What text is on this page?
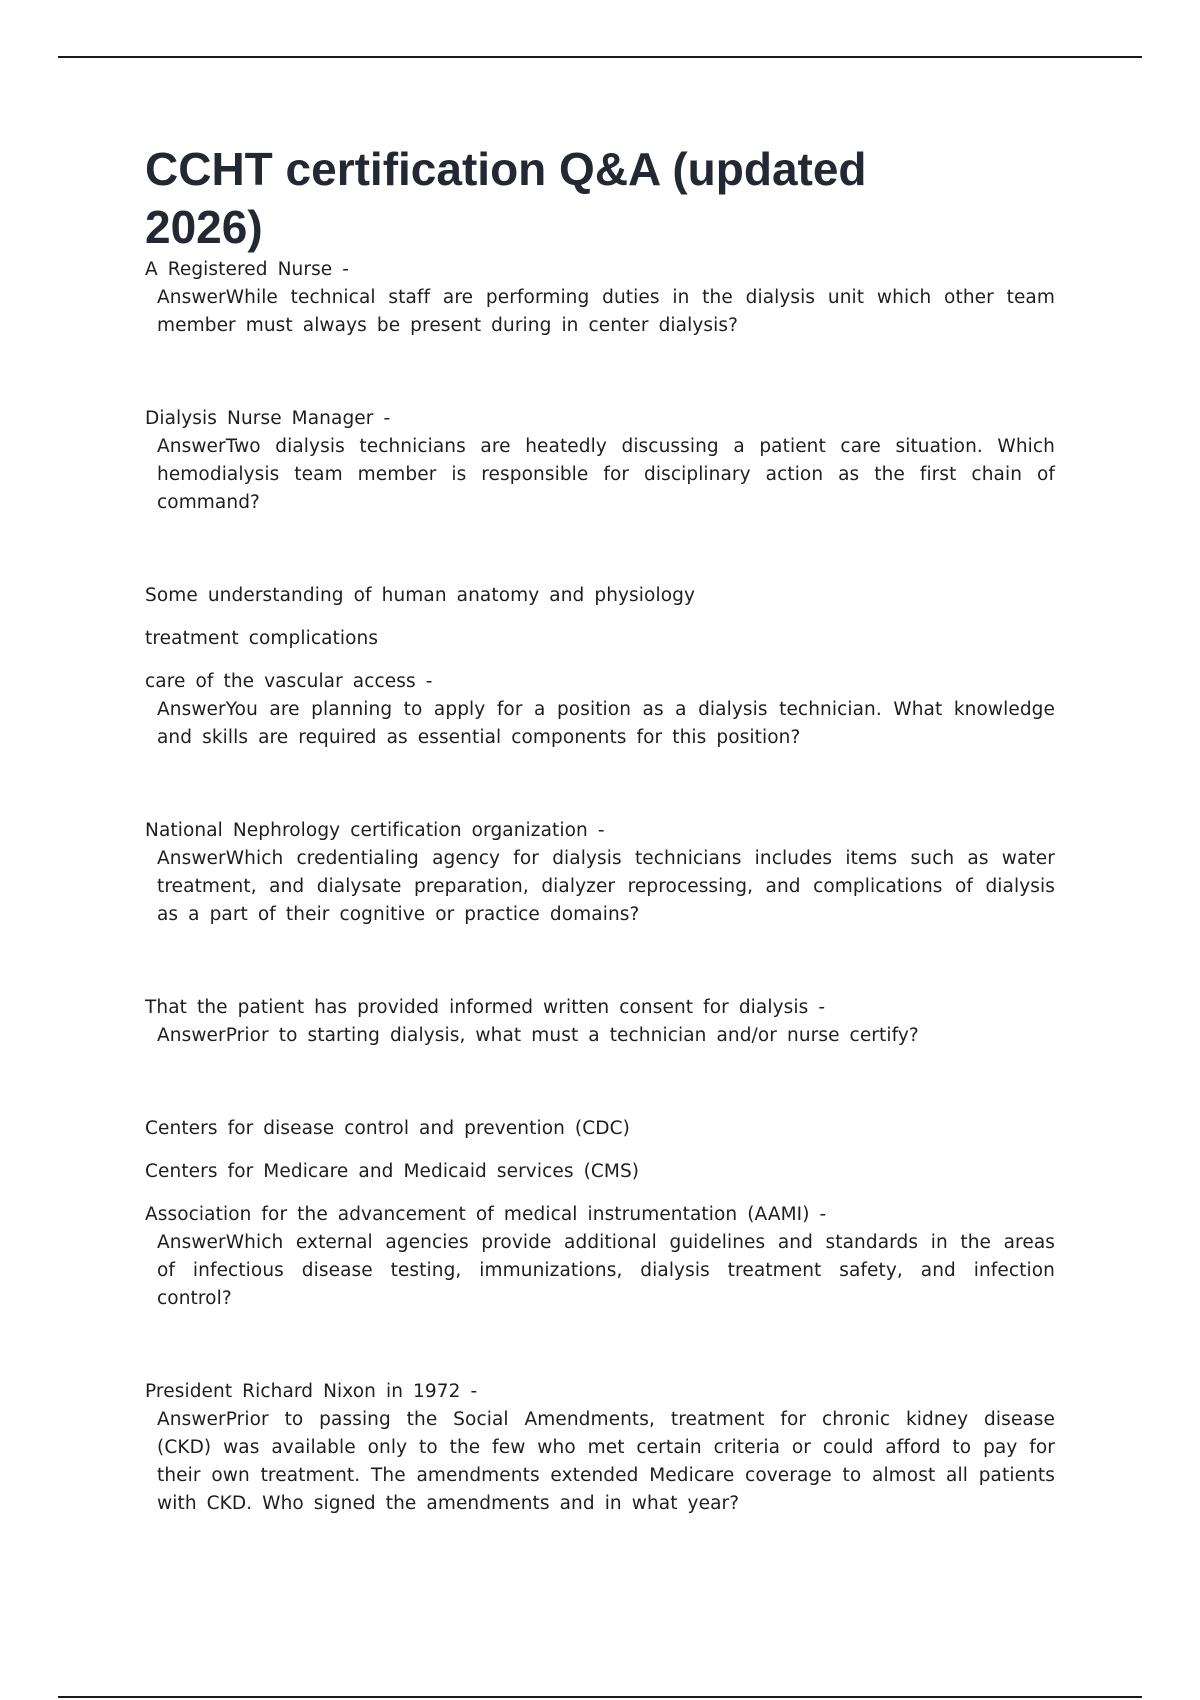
CCHT certification Q&A (updated
2026)
A Registered Nurse -
AnswerWhile technical staff are performing duties in the dialysis unit which other team member must always be present during in center dialysis?
Dialysis Nurse Manager -
AnswerTwo dialysis technicians are heatedly discussing a patient care situation. Which hemodialysis team member is responsible for disciplinary action as the first chain of command?
Some understanding of human anatomy and physiology
treatment complications
care of the vascular access -
AnswerYou are planning to apply for a position as a dialysis technician. What knowledge and skills are required as essential components for this position?
National Nephrology certification organization -
AnswerWhich credentialing agency for dialysis technicians includes items such as water treatment, and dialysate preparation, dialyzer reprocessing, and complications of dialysis as a part of their cognitive or practice domains?
That the patient has provided informed written consent for dialysis -
AnswerPrior to starting dialysis, what must a technician and/or nurse certify?
Centers for disease control and prevention (CDC)
Centers for Medicare and Medicaid services (CMS)
Association for the advancement of medical instrumentation (AAMI) -
AnswerWhich external agencies provide additional guidelines and standards in the areas of infectious disease testing, immunizations, dialysis treatment safety, and infection control?
President Richard Nixon in 1972 -
AnswerPrior to passing the Social Amendments, treatment for chronic kidney disease (CKD) was available only to the few who met certain criteria or could afford to pay for their own treatment. The amendments extended Medicare coverage to almost all patients with CKD. Who signed the amendments and in what year?
